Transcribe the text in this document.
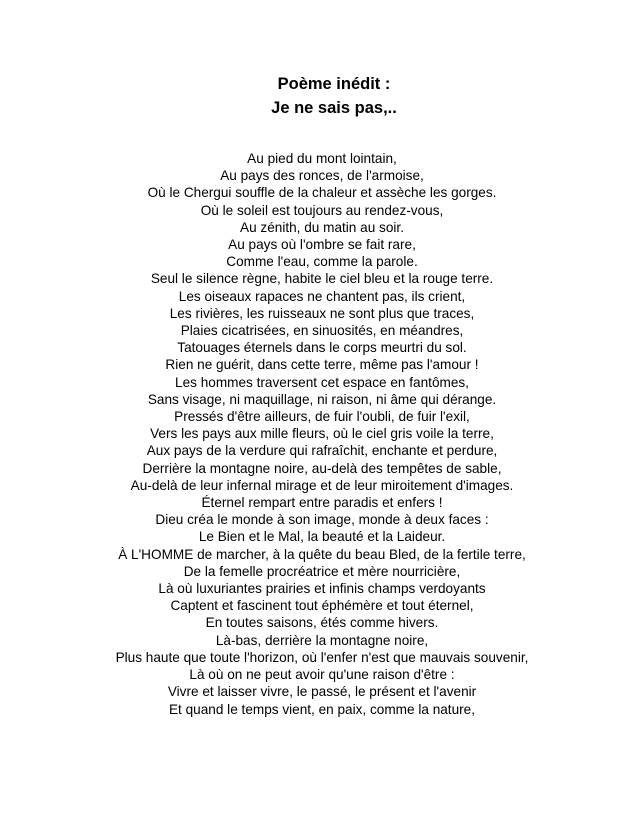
Poème inédit :
Je ne sais pas,..
Au pied du mont lointain,
Au pays des ronces, de l'armoise,
Où le Chergui souffle de la chaleur et assèche les gorges.
Où le soleil est toujours au rendez-vous,
Au zénith, du matin au soir.
Au pays où l'ombre se fait rare,
Comme l'eau, comme la parole.
Seul le silence règne, habite le ciel bleu et la rouge terre.
Les oiseaux rapaces ne chantent pas, ils crient,
Les rivières, les ruisseaux ne sont plus que traces,
Plaies cicatrisées, en sinuosités, en méandres,
Tatouages éternels dans le corps meurtri du sol.
Rien ne guérit, dans cette terre, même pas l'amour !
Les hommes traversent cet espace en fantômes,
Sans visage, ni maquillage, ni raison, ni âme qui dérange.
Pressés d'être ailleurs, de fuir l'oubli, de fuir l'exil,
Vers les pays aux mille fleurs, où le ciel gris voile la terre,
Aux pays de la verdure qui rafraîchit, enchante et perdure,
Derrière la montagne noire, au-delà des tempêtes de sable,
Au-delà de leur infernal mirage et de leur miroitement d'images.
Éternel rempart entre paradis et enfers !
Dieu créa le monde à son image, monde à deux faces :
Le Bien et le Mal, la beauté et la Laideur.
À L'HOMME de marcher, à la quête du beau Bled, de la fertile terre,
De la femelle procréatrice et mère nourricière,
Là où luxuriantes prairies et infinis champs verdoyants
Captent et fascinent tout éphémère et tout éternel,
En toutes saisons, étés comme hivers.
Là-bas, derrière la montagne noire,
Plus haute que toute l'horizon, où l'enfer n'est que mauvais souvenir,
Là où on ne peut avoir qu'une raison d'être :
Vivre et laisser vivre, le passé, le présent et l'avenir
Et quand le temps vient, en paix, comme la nature,
